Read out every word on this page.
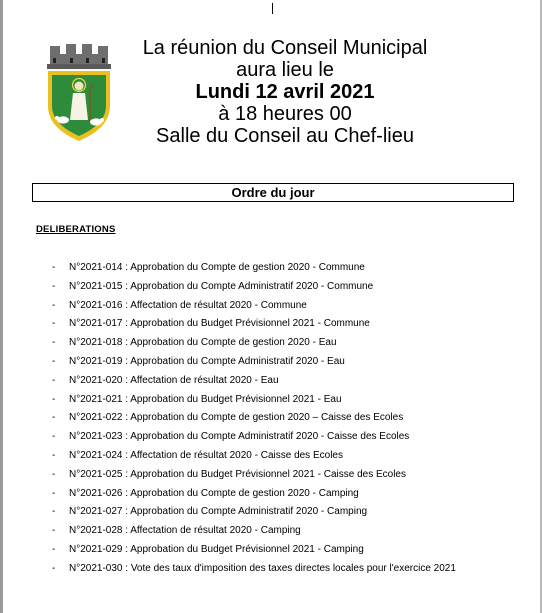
La réunion du Conseil Municipal
aura lieu le
Lundi 12 avril 2021
à 18 heures 00
Salle du Conseil au Chef-lieu
Ordre du jour
DELIBERATIONS
- N°2021-014 : Approbation du Compte de gestion 2020 - Commune
- N°2021-015 : Approbation du Compte Administratif 2020 - Commune
- N°2021-016 : Affectation de résultat 2020 - Commune
- N°2021-017 : Approbation du Budget Prévisionnel 2021 - Commune
- N°2021-018 : Approbation du Compte de gestion 2020 - Eau
- N°2021-019 : Approbation du Compte Administratif 2020 - Eau
- N°2021-020 : Affectation de résultat 2020 - Eau
- N°2021-021 : Approbation du Budget Prévisionnel 2021 - Eau
- N°2021-022 : Approbation du Compte de gestion 2020 – Caisse des Ecoles
- N°2021-023 : Approbation du Compte Administratif 2020 - Caisse des Ecoles
- N°2021-024 : Affectation de résultat 2020 - Caisse des Ecoles
- N°2021-025 : Approbation du Budget Prévisionnel 2021 - Caisse des Ecoles
- N°2021-026 : Approbation du Compte de gestion 2020 - Camping
- N°2021-027 : Approbation du Compte Administratif 2020 - Camping
- N°2021-028 : Affectation de résultat 2020 - Camping
- N°2021-029 : Approbation du Budget Prévisionnel 2021 - Camping
- N°2021-030 : Vote des taux d'imposition des taxes directes locales pour l'exercice 2021
